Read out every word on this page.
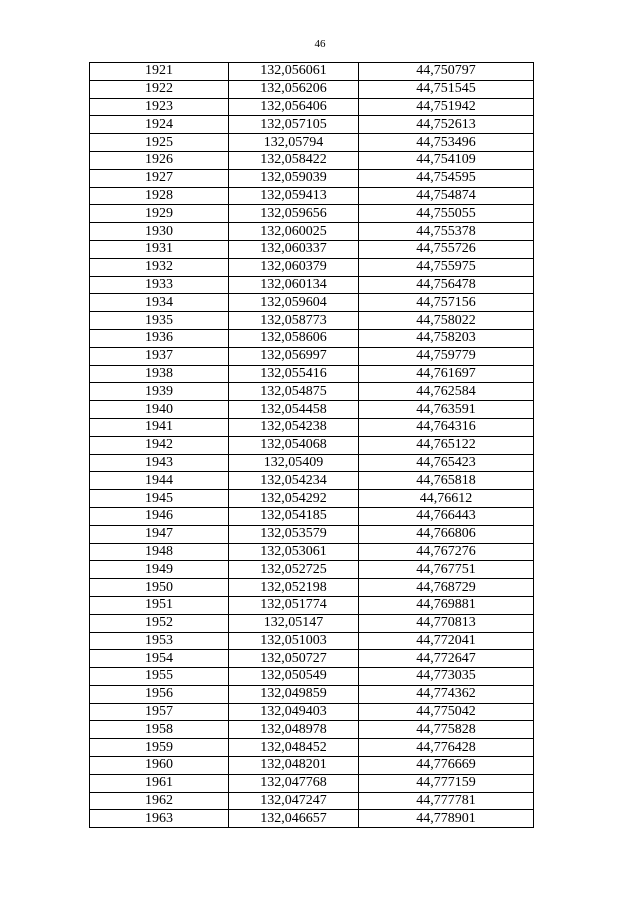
46
1921	132,056061	44,750797
1922	132,056206	44,751545
1923	132,056406	44,751942
1924	132,057105	44,752613
1925	132,05794	44,753496
1926	132,058422	44,754109
1927	132,059039	44,754595
1928	132,059413	44,754874
1929	132,059656	44,755055
1930	132,060025	44,755378
1931	132,060337	44,755726
1932	132,060379	44,755975
1933	132,060134	44,756478
1934	132,059604	44,757156
1935	132,058773	44,758022
1936	132,058606	44,758203
1937	132,056997	44,759779
1938	132,055416	44,761697
1939	132,054875	44,762584
1940	132,054458	44,763591
1941	132,054238	44,764316
1942	132,054068	44,765122
1943	132,05409	44,765423
1944	132,054234	44,765818
1945	132,054292	44,76612
1946	132,054185	44,766443
1947	132,053579	44,766806
1948	132,053061	44,767276
1949	132,052725	44,767751
1950	132,052198	44,768729
1951	132,051774	44,769881
1952	132,05147	44,770813
1953	132,051003	44,772041
1954	132,050727	44,772647
1955	132,050549	44,773035
1956	132,049859	44,774362
1957	132,049403	44,775042
1958	132,048978	44,775828
1959	132,048452	44,776428
1960	132,048201	44,776669
1961	132,047768	44,777159
1962	132,047247	44,777781
1963	132,046657	44,778901
